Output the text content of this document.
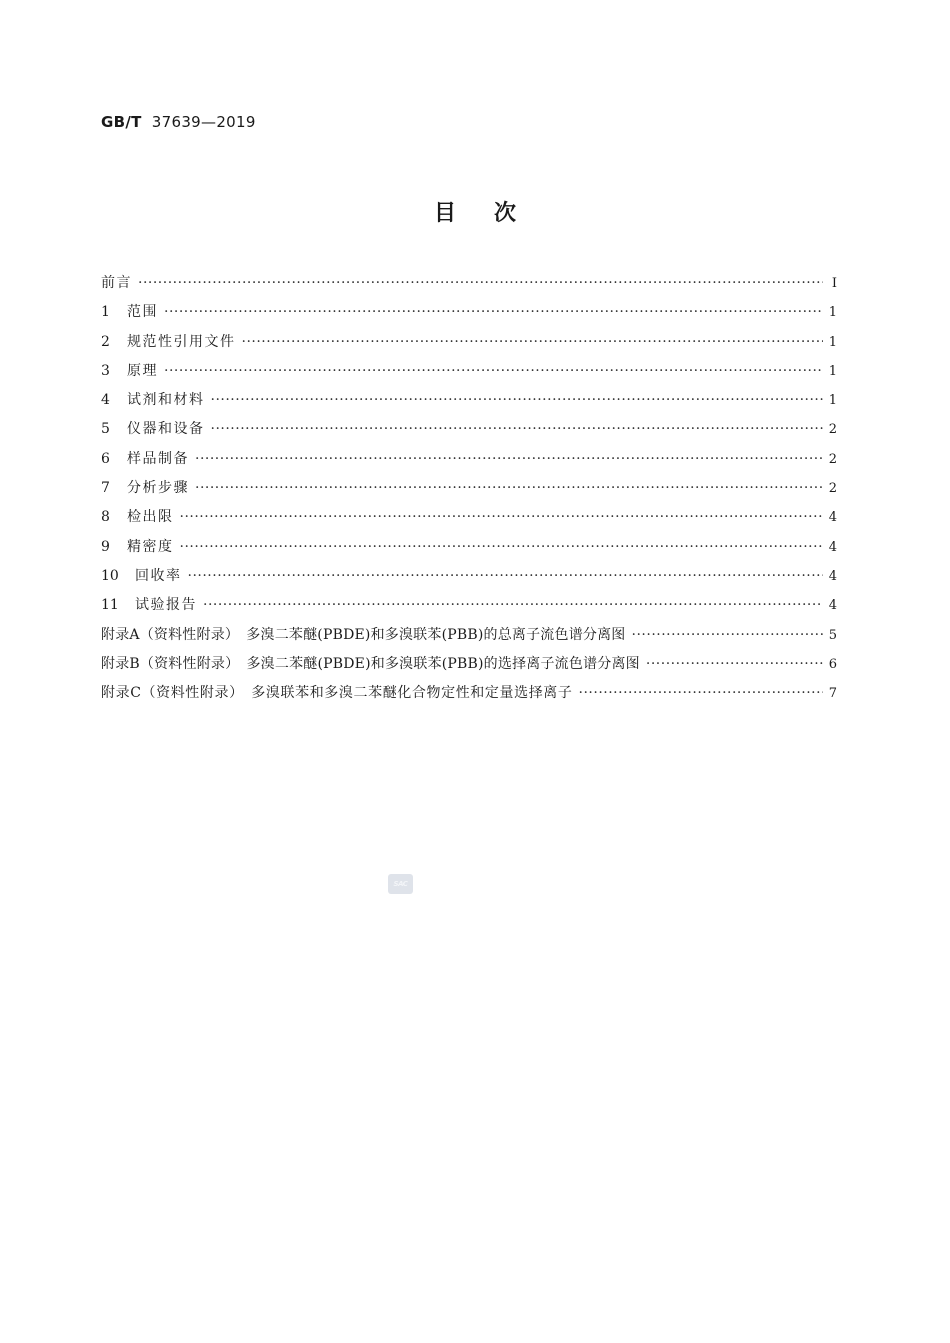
GB/T 37639—2019
目次
前言 ·····	Ⅰ
1	范围 ·····	1
2	规范性引用文件 ·····	1
3	原理 ·····	1
4	试剂和材料 ·····	1
5	仪器和设备 ·····	2
6	样品制备 ·····	2
7	分析步骤 ·····	2
8	检出限 ·····	4
9	精密度 ·····	4
10	回收率 ·····	4
11	试验报告 ·····	4
附录A（资料性附录）　多溴二苯醚(PBDE)和多溴联苯(PBB)的总离子流色谱分离图 ·····	5
附录B（资料性附录）　多溴二苯醚(PBDE)和多溴联苯(PBB)的选择离子流色谱分离图 ·····	6
附录C（资料性附录）　多溴联苯和多溴二苯醚化合物定性和定量选择离子 ·····	7
SAC
